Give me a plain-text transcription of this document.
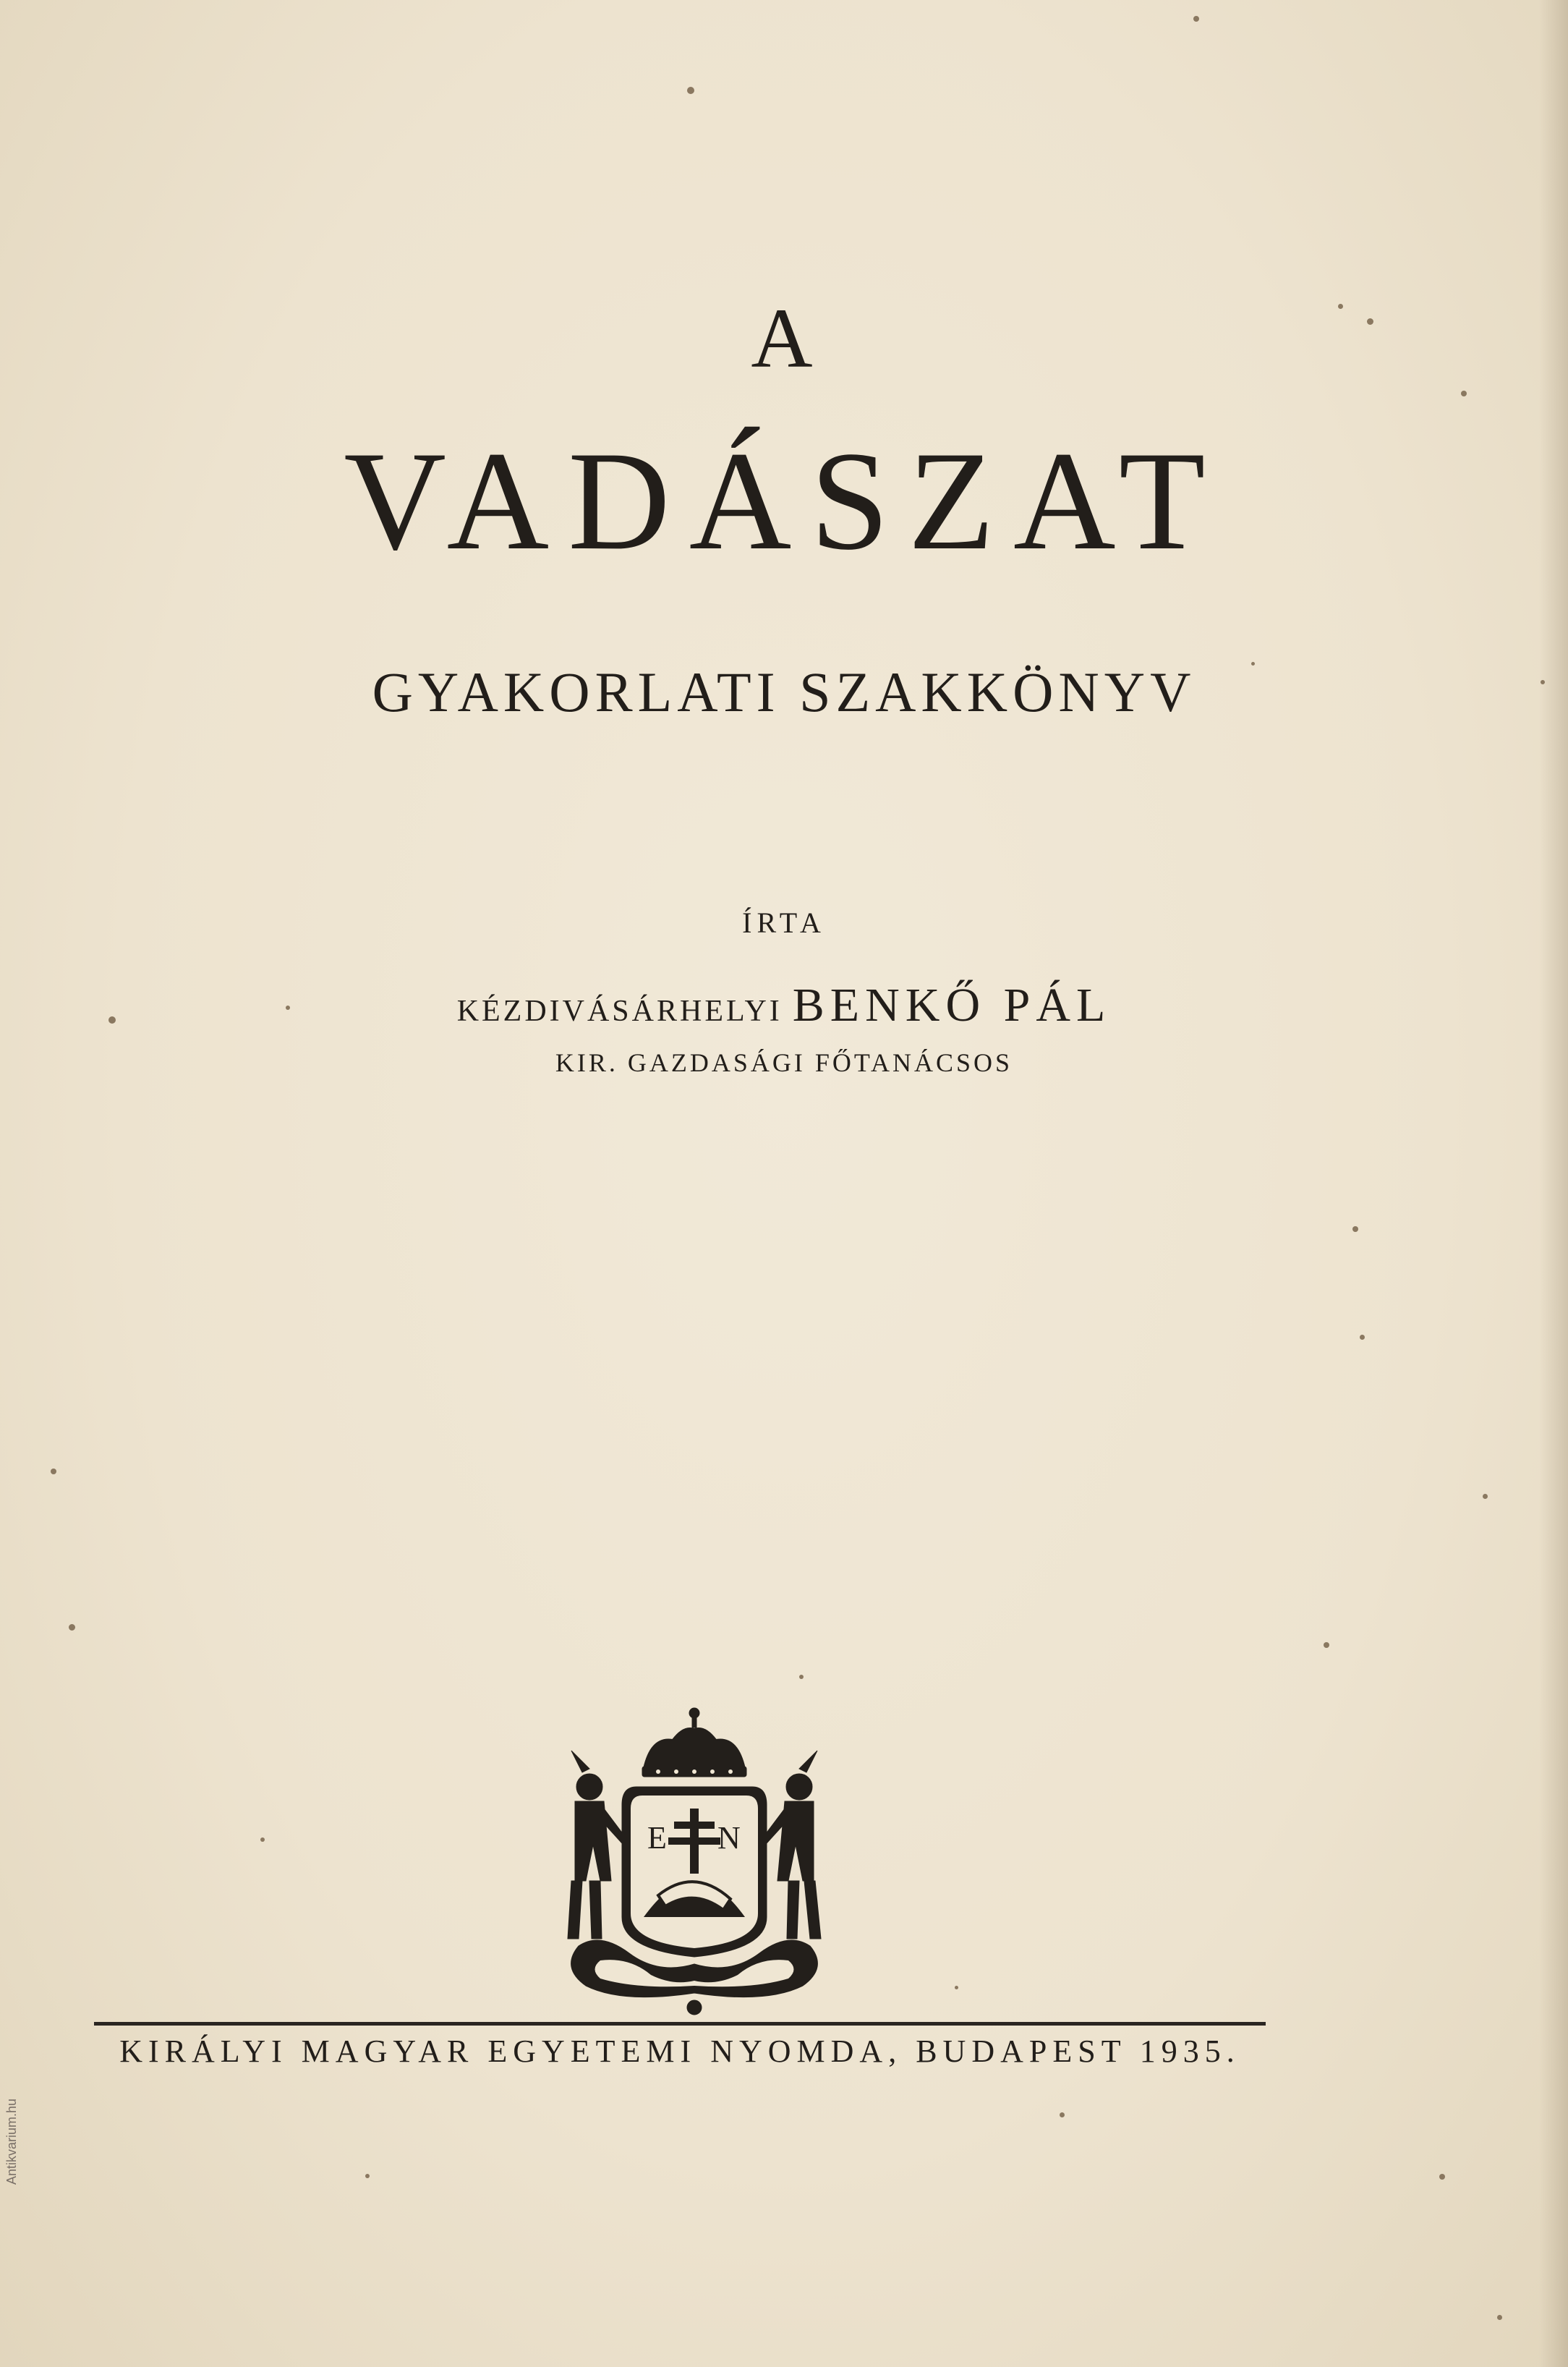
A
VADÁSZAT
GYAKORLATI SZAKKÖNYV
ÍRTA
KÉZDIVÁSÁRHELYI BENKŐ PÁL
KIR. GAZDASÁGI FŐTANÁCSOS
E N
KIRÁLYI MAGYAR EGYETEMI NYOMDA, BUDAPEST 1935.
Antikvarium.hu
